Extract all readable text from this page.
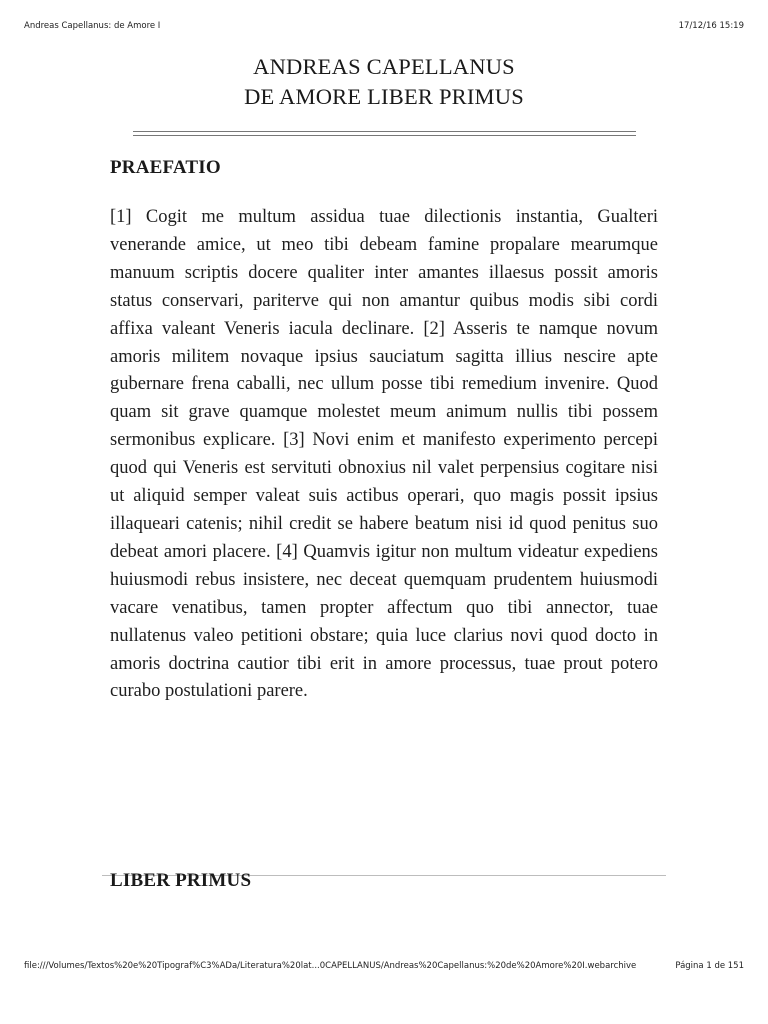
Andreas Capellanus: de Amore I	17/12/16 15:19
ANDREAS CAPELLANUS
DE AMORE LIBER PRIMUS
PRAEFATIO
[1] Cogit me multum assidua tuae dilectionis instantia, Gualteri venerande amice, ut meo tibi debeam famine propalare mearumque manuum scriptis docere qualiter inter amantes illaesus possit amoris status conservari, pariterve qui non amantur quibus modis sibi cordi affixa valeant Veneris iacula declinare. [2] Asseris te namque novum amoris militem novaque ipsius sauciatum sagitta illius nescire apte gubernare frena caballi, nec ullum posse tibi remedium invenire. Quod quam sit grave quamque molestet meum animum nullis tibi possem sermonibus explicare. [3] Novi enim et manifesto experimento percepi quod qui Veneris est servituti obnoxius nil valet perpensius cogitare nisi ut aliquid semper valeat suis actibus operari, quo magis possit ipsius illaqueari catenis; nihil credit se habere beatum nisi id quod penitus suo debeat amori placere. [4] Quamvis igitur non multum videatur expediens huiusmodi rebus insistere, nec deceat quemquam prudentem huiusmodi vacare venatibus, tamen propter affectum quo tibi annector, tuae nullatenus valeo petitioni obstare; quia luce clarius novi quod docto in amoris doctrina cautior tibi erit in amore processus, tuae prout potero curabo postulationi parere.
LIBER PRIMUS
file:///Volumes/Textos%20e%20Tipograf%C3%ADa/Literatura%20lat...0CAPELLANUS/Andreas%20Capellanus:%20de%20Amore%20I.webarchive	Página 1 de 151
